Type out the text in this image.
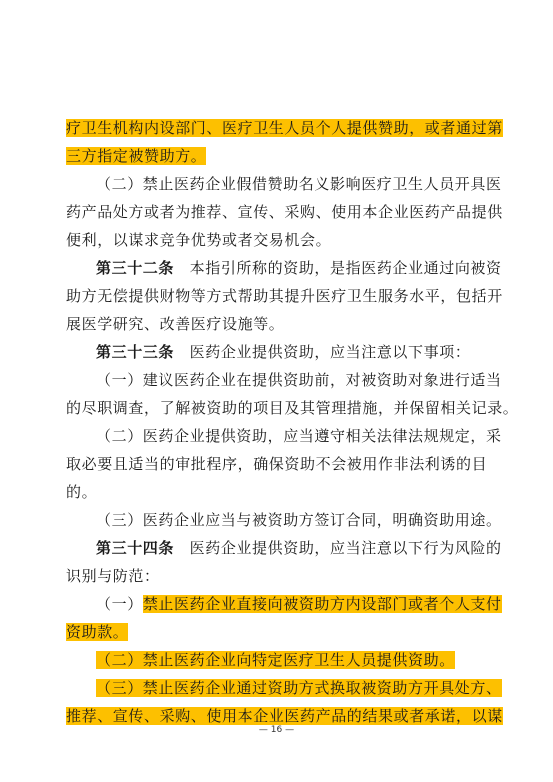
疗卫生机构内设部门、医疗卫生人员个人提供赞助，或者通过第
三方指定被赞助方。
（二）禁止医药企业假借赞助名义影响医疗卫生人员开具医
药产品处方或者为推荐、宣传、采购、使用本企业医药产品提供
便利，以谋求竞争优势或者交易机会。
第三十二条　本指引所称的资助，是指医药企业通过向被资
助方无偿提供财物等方式帮助其提升医疗卫生服务水平，包括开
展医学研究、改善医疗设施等。
第三十三条　医药企业提供资助，应当注意以下事项：
（一）建议医药企业在提供资助前，对被资助对象进行适当
的尽职调查，了解被资助的项目及其管理措施，并保留相关记录。
（二）医药企业提供资助，应当遵守相关法律法规规定，采
取必要且适当的审批程序，确保资助不会被用作非法利诱的目
的。
（三）医药企业应当与被资助方签订合同，明确资助用途。
第三十四条　医药企业提供资助，应当注意以下行为风险的
识别与防范：
（一）禁止医药企业直接向被资助方内设部门或者个人支付
资助款。
（二）禁止医药企业向特定医疗卫生人员提供资助。
（三）禁止医药企业通过资助方式换取被资助方开具处方、
推荐、宣传、采购、使用本企业医药产品的结果或者承诺，以谋
— 16 —
